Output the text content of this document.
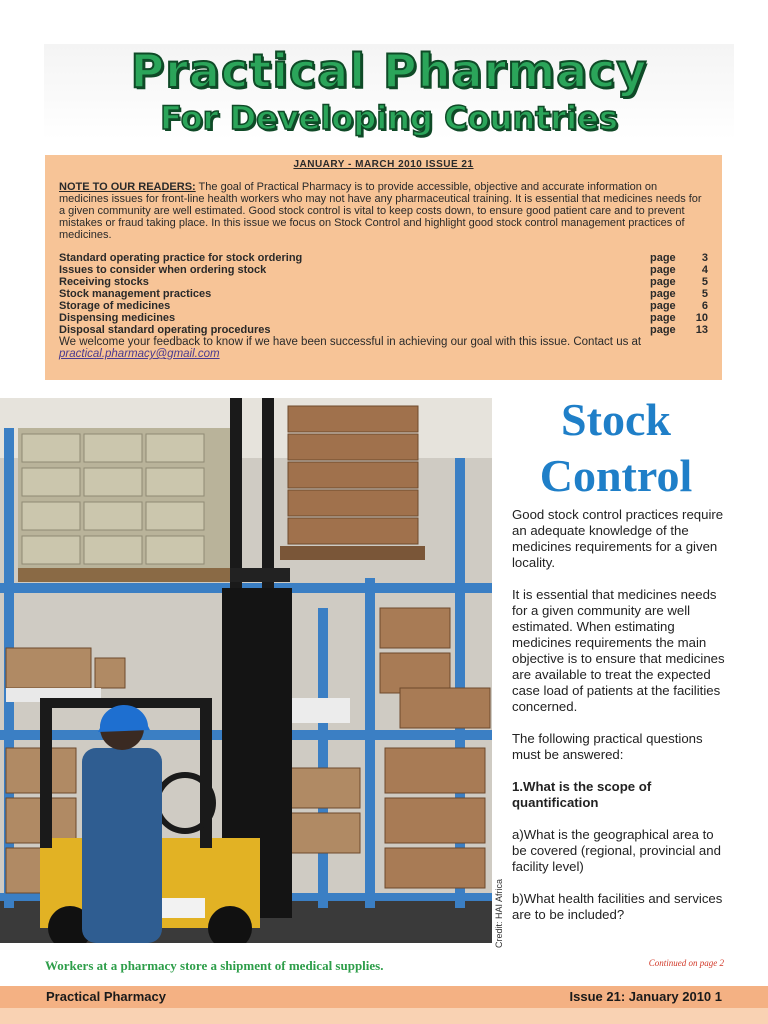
Practical Pharmacy
For Developing Countries
JANUARY - MARCH 2010 ISSUE 21

NOTE TO OUR READERS: The goal of Practical Pharmacy is to provide accessible, objective and accurate information on medicines issues for front-line health workers who may not have any pharmaceutical training. It is essential that medicines needs for a given community are well estimated. Good stock control is vital to keep costs down, to ensure good patient care and to prevent mistakes or fraud taking place. In this issue we focus on Stock Control and highlight good stock control management practices of medicines.

Standard operating practice for stock ordering	page 3
Issues to consider when ordering stock	page 4
Receiving stocks	page 5
Stock management practices	page 5
Storage of medicines	page 6
Dispensing medicines	page 10
Disposal standard operating procedures	page 13

We welcome your feedback to know if we have been successful in achieving our goal with this issue. Contact us at
practical.pharmacy@gmail.com

Credit: HAI Africa
Stock Control

Good stock control practices require an adequate knowledge of the medicines requirements for a given locality.

It is essential that medicines needs for a given community are well estimated. When estimating medicines requirements the main objective is to ensure that medicines are available to treat the expected case load of patients at the facilities concerned.

The following practical questions must be answered:

1.What is the scope of quantification

a)What is the geographical area to be covered (regional, provincial and facility level)

b)What health facilities and services are to be included?

Workers at a pharmacy store a shipment of medical supplies.	Continued on page 2
Practical Pharmacy	Issue 21: January 2010 1
